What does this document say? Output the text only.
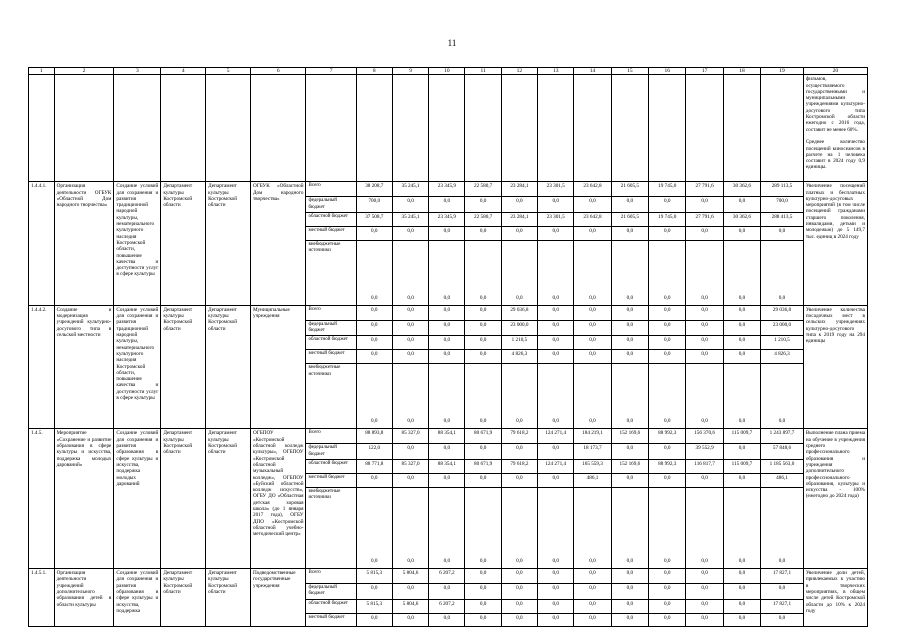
11
1	2	3	4	5	6	7	8	9	10	11	12	13	14	15	16	17	18	19	20
																			фильмов, осуществляемого государственными и муниципальными учреждениями культурно-досугового типа Костромской области ежегодно с 2016 года, составит не менее 60%.

Среднее количество посещений киносеансов в расчете на 1 человека составит в 2024 году 0,9 единицы.
1.4.4.1.	Организация деятельности ОГБУК «Областной Дом народного творчества»	Создание условий для сохранения и развития традиционной народной культуры, нематериального культурного наследия Костромской области, повышение качества и доступности услуг в сфере культуры	Департамент культуры Костромской области	Департамент культуры Костромской области	ОГБУК «Областной Дом народного творчества»	Всего	38 208,7	35 245,1	23 345,9	22 580,7	23 284,1	23 301,5	23 642,8	21 605,5	19 745,0	27 791,6	30 362,6	289 113,5	Увеличение посещений платных и бесплатных культурно-досуговых мероприятий (в том числе посещений гражданами старшего поколения, инвалидами, детьми и молодежью) до 5 149,7 тыс. единиц в 2024 году
						федеральный бюджет	700,0	0,0	0,0	0,0	0,0	0,0	0,0	0,0	0,0	0,0	0,0	700,0	
						областной бюджет	37 508,7	35 245,1	23 345,9	22 580,7	23 284,1	23 301,5	23 642,8	21 605,5	19 745,0	27 791,6	30 362,6	288 413,5	
						местный бюджет	0,0	0,0	0,0	0,0	0,0	0,0	0,0	0,0	0,0	0,0	0,0	0,0	
						внебюджетные источники	0,0	0,0	0,0	0,0	0,0	0,0	0,0	0,0	0,0	0,0	0,0	0,0	
1.4.4.2.	Создание и модернизация учреждений культурно-досугового типа в сельской местности	Создание условий для сохранения и развития традиционной народной культуры, нематериального культурного наследия Костромской области, повышение качества и доступности услуг в сфере культуры	Департамент культуры Костромской области	Департамент культуры Костромской области	Муниципальные учреждения	Всего	0,0	0,0	0,0	0,0	29 036,8	0,0	0,0	0,0	0,0	0,0	0,0	29 036,8	Увеличение количества посадочных мест в сельских учреждениях культурно-досугового типа к 2019 году на 294 единицы
						федеральный бюджет	0,0	0,0	0,0	0,0	23 000,0	0,0	0,0	0,0	0,0	0,0	0,0	23 000,0	
						областной бюджет	0,0	0,0	0,0	0,0	1 210,5	0,0	0,0	0,0	0,0	0,0	0,0	1 210,5	
						местный бюджет	0,0	0,0	0,0	0,0	4 826,3	0,0	0,0	0,0	0,0	0,0	0,0	4 826,3	
						внебюджетные источники	0,0	0,0	0,0	0,0	0,0	0,0	0,0	0,0	0,0	0,0	0,0	0,0	
1.4.5.	Мероприятие «Сохранение и развитие образования в сфере культуры и искусства, поддержка молодых дарований»	Создание условий для сохранения и развития образования в сфере культуры и искусства, поддержка молодых дарований	Департамент культуры Костромской области	Департамент культуры Костромской области	ОГБПОУ «Костромской областной колледж культуры», ОГБПОУ «Костромской областной музыкальный колледж», ОГБПОУ «Буйский областной колледж искусств», ОГБУ ДО «Областная детская хоровая школа» (до 1 января 2017 года), ОГБУ ДПО «Костромской областной учебно-методический центр»	Всего	88 893,8	85 327,0	88 354,1	80 671,9	79 618,2	124 271,4	184 219,1	152 169,6	88 992,3	156 370,6	115 009,7	1 243 897,7	Выполнение плана приема на обучение в учреждения среднего профессионального образования и учреждения дополнительного профессионального образования, культуры и искусства - 100% (ежегодно до 2024 года)
						федеральный бюджет	122,0	0,0	0,0	0,0	0,0	0,0	18 173,7	0,0	0,0	39 552,9	0,0	57 848,6	
						областной бюджет	88 771,8	85 327,0	88 354,1	80 671,9	79 618,2	124 271,4	165 559,3	152 169,6	88 992,3	116 817,7	115 009,7	1 185 563,0	
						местный бюджет	0,0	0,0	0,0	0,0	0,0	0,0	486,1	0,0	0,0	0,0	0,0	486,1	
						внебюджетные источники	0,0	0,0	0,0	0,0	0,0	0,0	0,0	0,0	0,0	0,0	0,0	0,0	
1.4.5.1.	Организация деятельности учреждений дополнительного образования детей в области культуры	Создание условий для сохранения и развития образования в сфере культуры и искусства, поддержка	Департамент культуры Костромской области	Департамент культуры Костромской области	Подведомственные государственные учреждения	Всего	5 815,3	5 804,6	6 207,2	0,0	0,0	0,0	0,0	0,0	0,0	0,0	0,0	17 827,1	Увеличение доли детей, привлекаемых к участию в творческих мероприятиях, в общем числе детей Костромской области до 10% к 2024 году
						федеральный бюджет	0,0	0,0	0,0	0,0	0,0	0,0	0,0	0,0	0,0	0,0	0,0	0,0	
						областной бюджет	5 815,3	5 804,6	6 207,2	0,0	0,0	0,0	0,0	0,0	0,0	0,0	0,0	17 827,1	
						местный бюджет	0,0	0,0	0,0	0,0	0,0	0,0	0,0	0,0	0,0	0,0	0,0	0,0	
